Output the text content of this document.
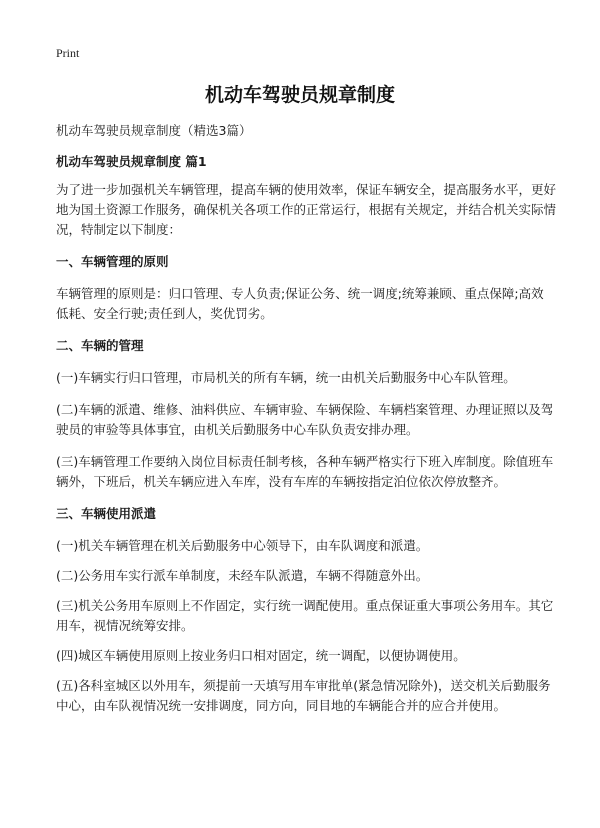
Print
机动车驾驶员规章制度
机动车驾驶员规章制度（精选3篇）
机动车驾驶员规章制度 篇1

为了进一步加强机关车辆管理，提高车辆的使用效率，保证车辆安全，提高服务水平，更好地为国土资源工作服务，确保机关各项工作的正常运行，根据有关规定，并结合机关实际情况，特制定以下制度：

一、车辆管理的原则

车辆管理的原则是：归口管理、专人负责;保证公务、统一调度;统筹兼顾、重点保障;高效低耗、安全行驶;责任到人，奖优罚劣。

二、车辆的管理

(一)车辆实行归口管理，市局机关的所有车辆，统一由机关后勤服务中心车队管理。

(二)车辆的派遣、维修、油料供应、车辆审验、车辆保险、车辆档案管理、办理证照以及驾驶员的审验等具体事宜，由机关后勤服务中心车队负责安排办理。

(三)车辆管理工作要纳入岗位目标责任制考核，各种车辆严格实行下班入库制度。除值班车辆外，下班后，机关车辆应进入车库，没有车库的车辆按指定泊位依次停放整齐。

三、车辆使用派遣

(一)机关车辆管理在机关后勤服务中心领导下，由车队调度和派遣。

(二)公务用车实行派车单制度，未经车队派遣，车辆不得随意外出。

(三)机关公务用车原则上不作固定，实行统一调配使用。重点保证重大事项公务用车。其它用车，视情况统筹安排。

(四)城区车辆使用原则上按业务归口相对固定，统一调配，以便协调使用。

(五)各科室城区以外用车，须提前一天填写用车审批单(紧急情况除外)，送交机关后勤服务中心，由车队视情况统一安排调度，同方向，同目地的车辆能合并的应合并使用。
